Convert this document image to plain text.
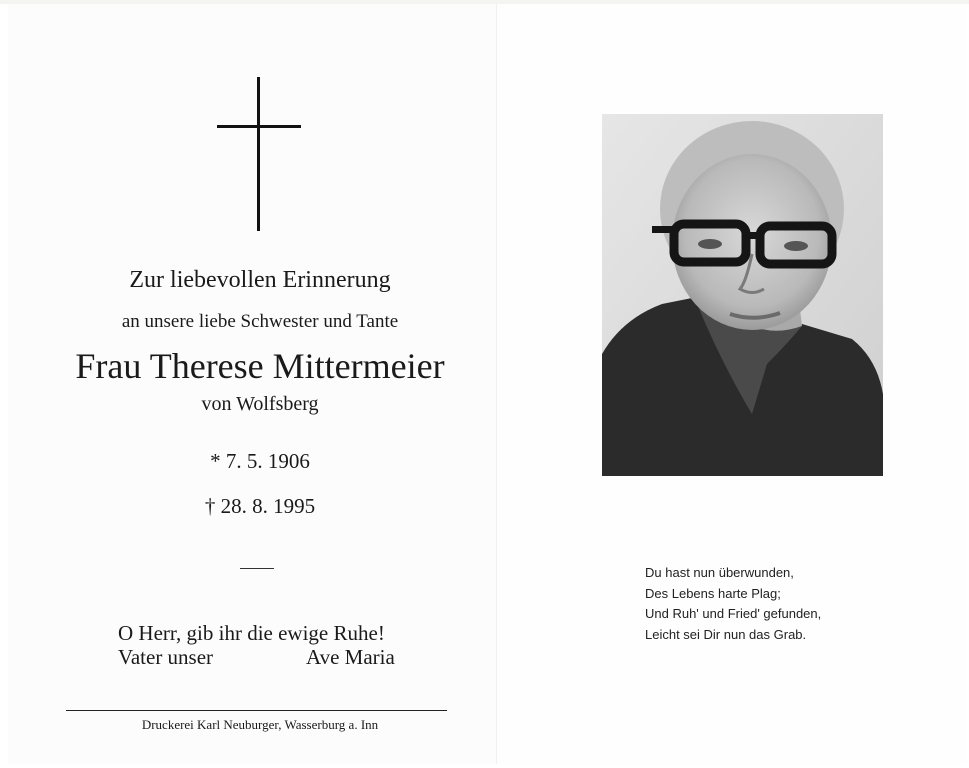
Zur liebevollen Erinnerung
an unsere liebe Schwester und Tante
Frau Therese Mittermeier
von Wolfsberg
* 7. 5. 1906
† 28. 8. 1995
O Herr, gib ihr die ewige Ruhe!
Vater unser	Ave Maria
Druckerei Karl Neuburger, Wasserburg a. Inn
Du hast nun überwunden,
Des Lebens harte Plag;
Und Ruh' und Fried' gefunden,
Leicht sei Dir nun das Grab.
